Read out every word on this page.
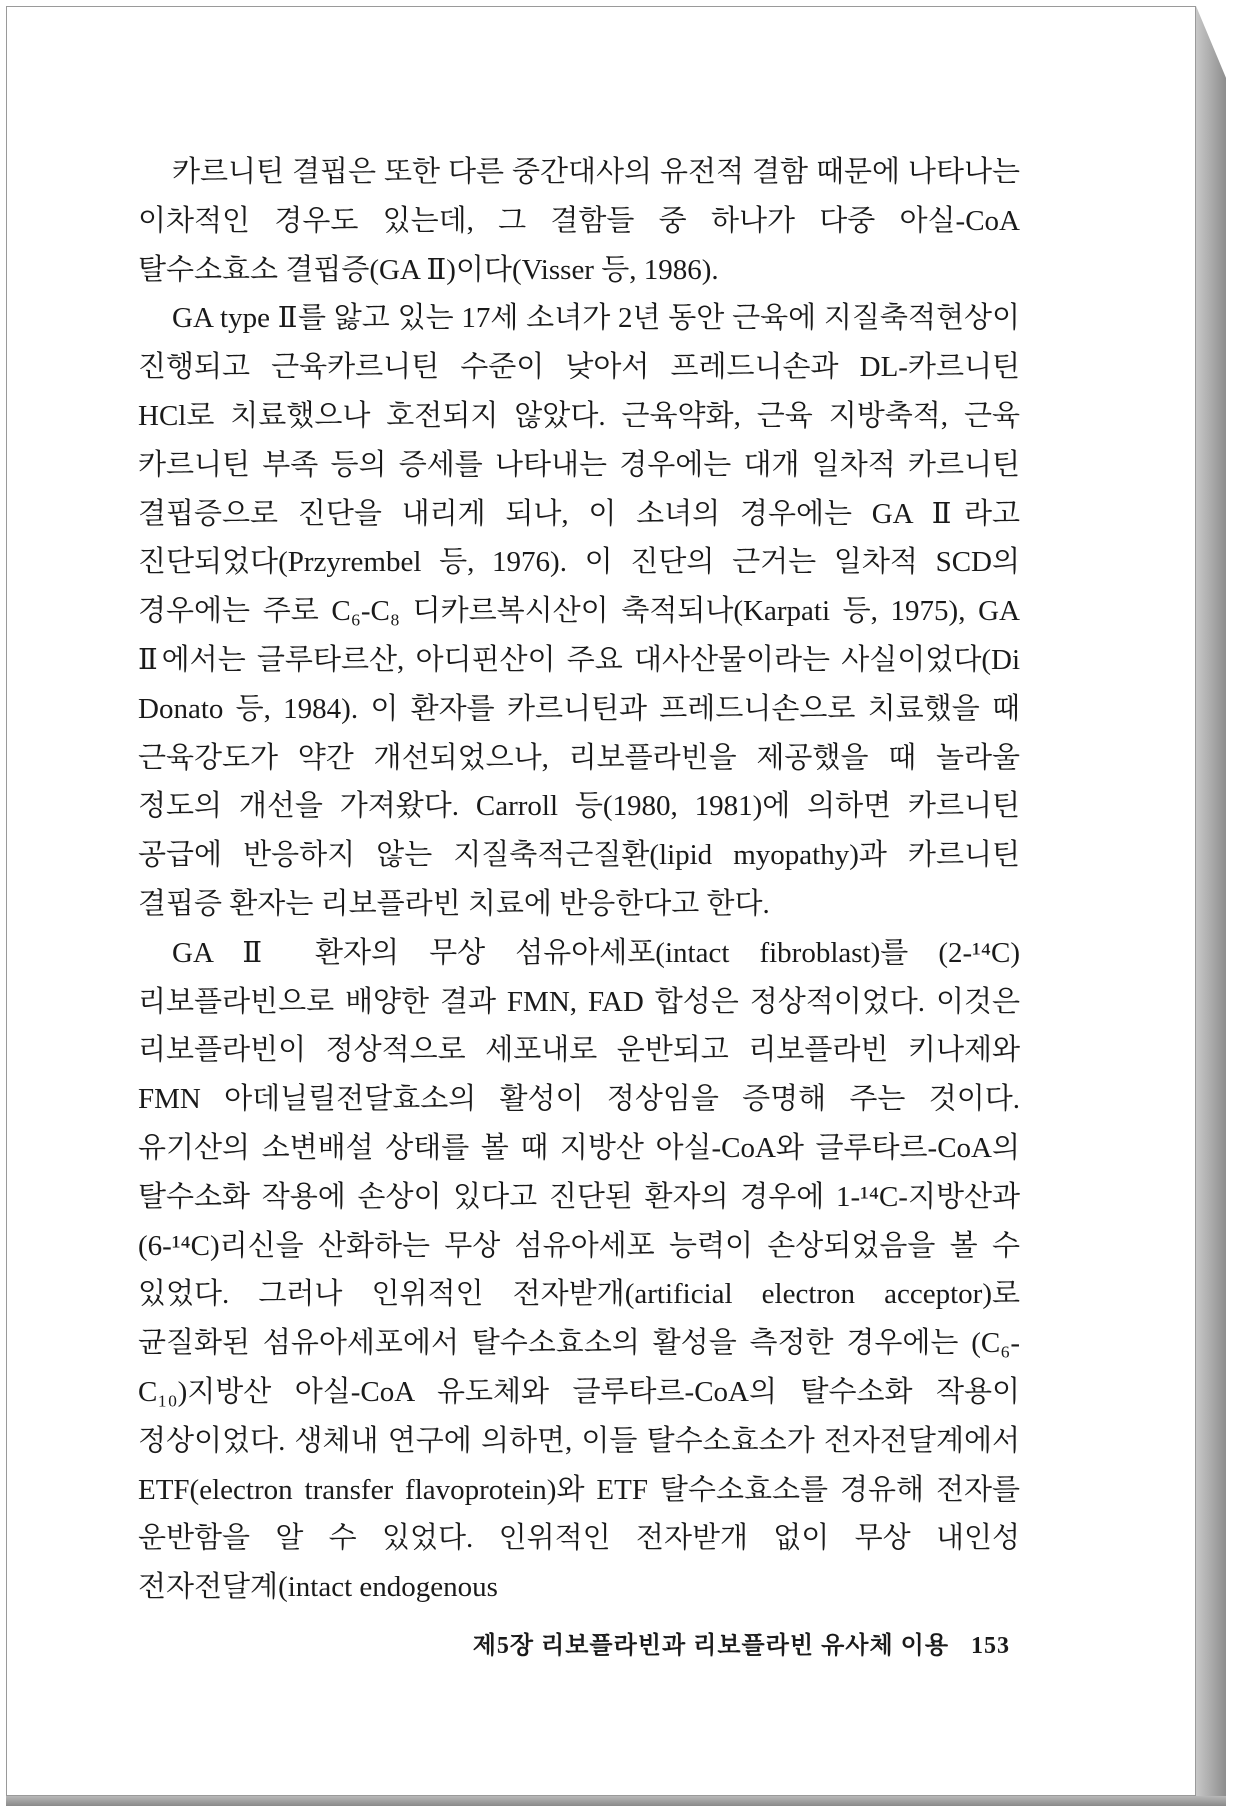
카르니틴 결핍은 또한 다른 중간대사의 유전적 결함 때문에 나타나는 이차적인 경우도 있는데, 그 결함들 중 하나가 다중 아실-CoA 탈수소효소 결핍증(GA Ⅱ)이다(Visser 등, 1986).

GA type Ⅱ를 앓고 있는 17세 소녀가 2년 동안 근육에 지질축적현상이 진행되고 근육카르니틴 수준이 낮아서 프레드니손과 DL-카르니틴 HCl로 치료했으나 호전되지 않았다. 근육약화, 근육 지방축적, 근육 카르니틴 부족 등의 증세를 나타내는 경우에는 대개 일차적 카르니틴 결핍증으로 진단을 내리게 되나, 이 소녀의 경우에는 GA Ⅱ라고 진단되었다(Przyrembel 등, 1976). 이 진단의 근거는 일차적 SCD의 경우에는 주로 C₆-C₈ 디카르복시산이 축적되나(Karpati 등, 1975), GA Ⅱ에서는 글루타르산, 아디핀산이 주요 대사산물이라는 사실이었다(Di Donato 등, 1984). 이 환자를 카르니틴과 프레드니손으로 치료했을 때 근육강도가 약간 개선되었으나, 리보플라빈을 제공했을 때 놀라울 정도의 개선을 가져왔다. Carroll 등(1980, 1981)에 의하면 카르니틴 공급에 반응하지 않는 지질축적근질환(lipid myopathy)과 카르니틴 결핍증 환자는 리보플라빈 치료에 반응한다고 한다.

GA Ⅱ 환자의 무상 섬유아세포(intact fibroblast)를 (2-¹⁴C) 리보플라빈으로 배양한 결과 FMN, FAD 합성은 정상적이었다. 이것은 리보플라빈이 정상적으로 세포내로 운반되고 리보플라빈 키나제와 FMN 아데닐릴전달효소의 활성이 정상임을 증명해 주는 것이다. 유기산의 소변배설 상태를 볼 때 지방산 아실-CoA와 글루타르-CoA의 탈수소화 작용에 손상이 있다고 진단된 환자의 경우에 1-¹⁴C-지방산과 (6-¹⁴C)리신을 산화하는 무상 섬유아세포 능력이 손상되었음을 볼 수 있었다. 그러나 인위적인 전자받개(artificial electron acceptor)로 균질화된 섬유아세포에서 탈수소효소의 활성을 측정한 경우에는 (C₆-C₁₀)지방산 아실-CoA 유도체와 글루타르-CoA의 탈수소화 작용이 정상이었다. 생체내 연구에 의하면, 이들 탈수소효소가 전자전달계에서 ETF(electron transfer flavoprotein)와 ETF 탈수소효소를 경유해 전자를 운반함을 알 수 있었다. 인위적인 전자받개 없이 무상 내인성 전자전달계(intact endogenous

제5장 리보플라빈과 리보플라빈 유사체 이용 153
